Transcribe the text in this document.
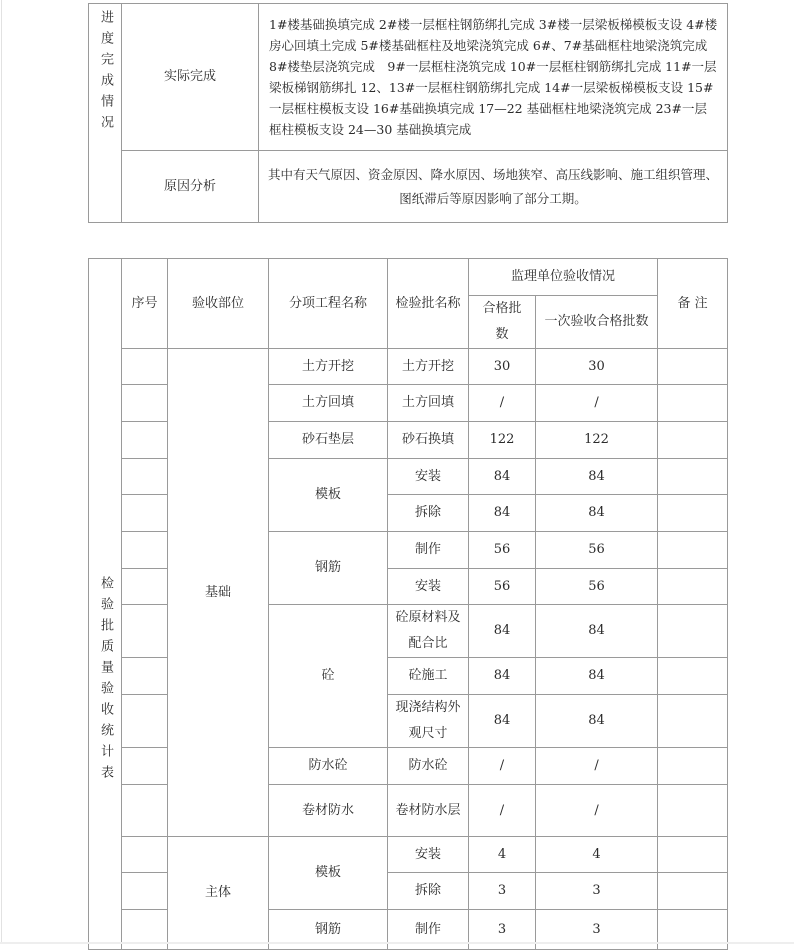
进度完成情况	实际完成	1#楼基础换填完成 2#楼一层框柱钢筋绑扎完成 3#楼一层梁板梯模板支设 4#楼房心回填土完成 5#楼基础框柱及地梁浇筑完成 6#、7#基础框柱地梁浇筑完成 8#楼垫层浇筑完成　9#一层框柱浇筑完成 10#一层框柱钢筋绑扎完成 11#一层梁板梯钢筋绑扎 12、13#一层框柱钢筋绑扎完成 14#一层梁板梯模板支设 15#一层框柱模板支设 16#基础换填完成 17—22 基础框柱地梁浇筑完成 23#一层框柱模板支设 24—30 基础换填完成
	原因分析	其中有天气原因、资金原因、降水原因、场地狭窄、高压线影响、施工组织管理、图纸滞后等原因影响了部分工期。
检验批质量验收统计表	序号	验收部位	分项工程名称	检验批名称	监理单位验收情况		备 注
					合格批数	一次验收合格批数	
		基础	土方开挖	土方开挖	30	30	
			土方回填	土方回填	/	/	
			砂石垫层	砂石换填	122	122	
			模板	安装	84	84	
				拆除	84	84	
			钢筋	制作	56	56	
				安装	56	56	
			砼	砼原材料及配合比	84	84	
				砼施工	84	84	
				现浇结构外观尺寸	84	84	
			防水砼	防水砼	/	/	
			卷材防水	卷材防水层	/	/	
		主体	模板	安装	4	4	
				拆除	3	3	
			钢筋	制作	3	3	
